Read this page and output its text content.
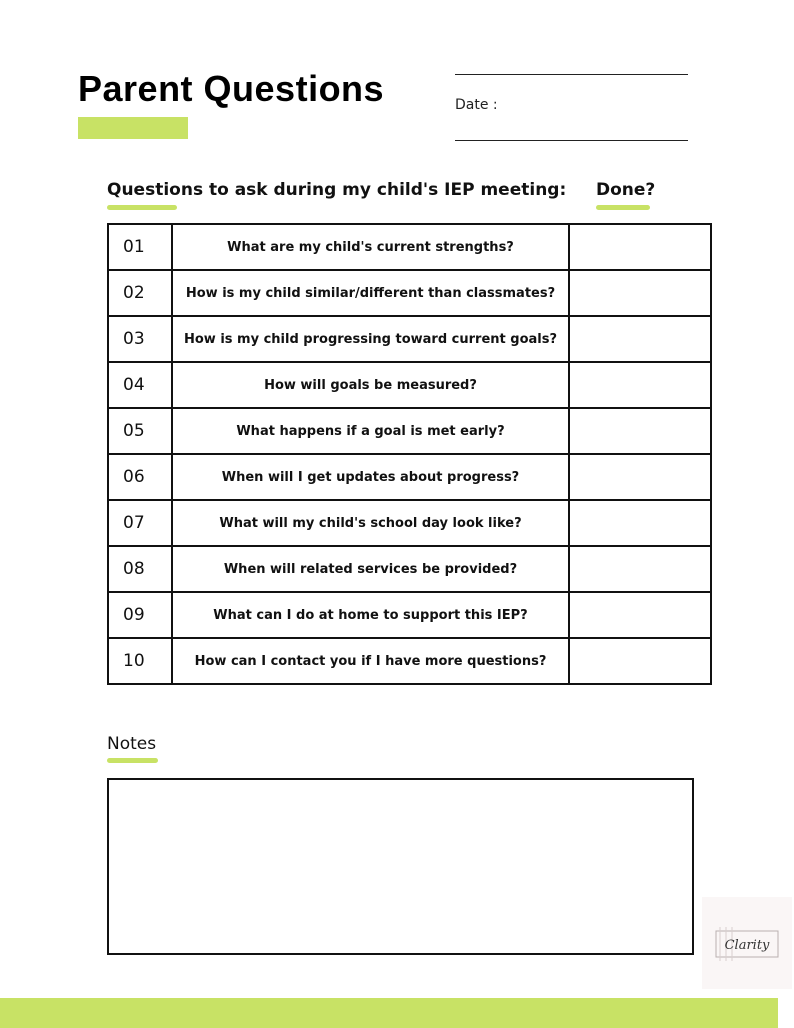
Parent Questions	Date :
Questions to ask during my child's IEP meeting: Done?
01	What are my child's current strengths?	
02	How is my child similar/different than classmates?	
03	How is my child progressing toward current goals?	
04	How will goals be measured?	
05	What happens if a goal is met early?	
06	When will I get updates about progress?	
07	What will my child's school day look like?	
08	When will related services be provided?	
09	What can I do at home to support this IEP?	
10	How can I contact you if I have more questions?	
Notes
Clarity
